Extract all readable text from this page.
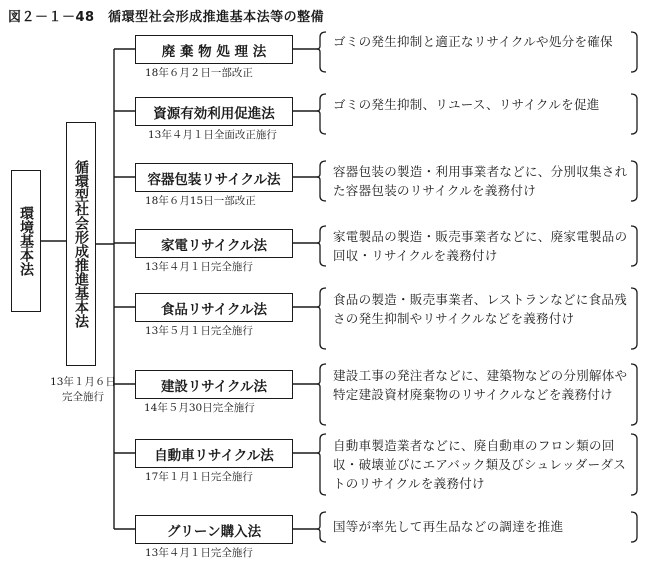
図２－１－48　循環型社会形成推進基本法等の整備
環境基本法	循環型社会形成推進基本法
13年１月６日
完全施行
廃 棄 物 処 理 法
18年６月２日一部改正
ゴミの発生抑制と適正なリサイクルや処分を確保
資源有効利用促進法
13年４月１日全面改正施行
ゴミの発生抑制、リユース、リサイクルを促進
容器包装リサイクル法
18年６月15日一部改正
容器包装の製造・利用事業者などに、分別収集された容器包装のリサイクルを義務付け
家電リサイクル法
13年４月１日完全施行
家電製品の製造・販売事業者などに、廃家電製品の回収・リサイクルを義務付け
食品リサイクル法
13年５月１日完全施行
食品の製造・販売事業者、レストランなどに食品残さの発生抑制やリサイクルなどを義務付け
建設リサイクル法
14年５月30日完全施行
建設工事の発注者などに、建築物などの分別解体や特定建設資材廃棄物のリサイクルなどを義務付け
自動車リサイクル法
17年１月１日完全施行
自動車製造業者などに、廃自動車のフロン類の回収・破壊並びにエアバック類及びシュレッダーダストのリサイクルを義務付け
グリーン購入法
13年４月１日完全施行
国等が率先して再生品などの調達を推進
